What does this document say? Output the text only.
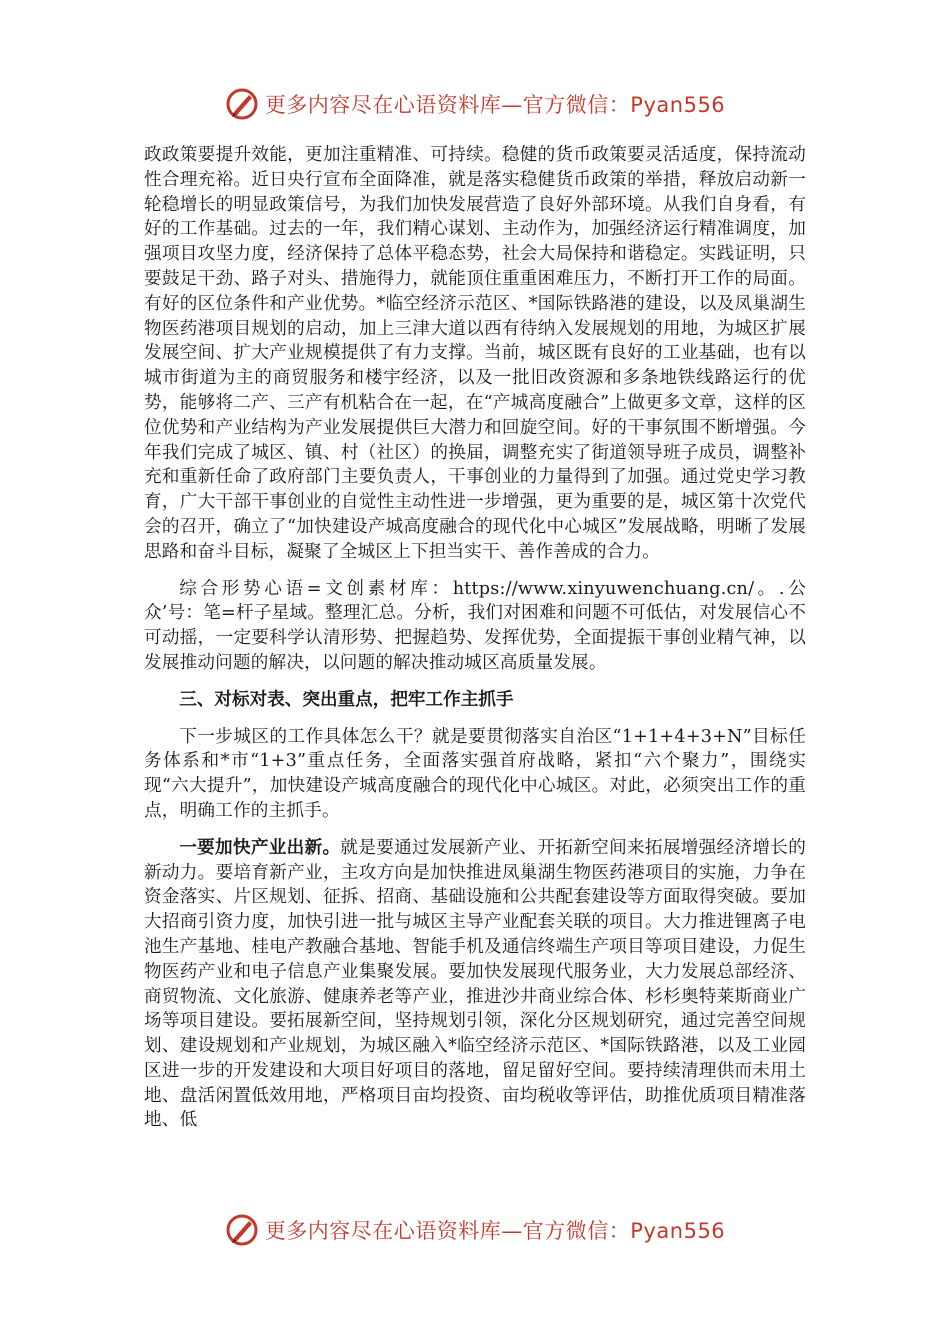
更多内容尽在心语资料库—官方微信：Pyan556

政政策要提升效能，更加注重精准、可持续。稳健的货币政策要灵活适度，保持流动性合理充裕。近日央行宣布全面降准，就是落实稳健货币政策的举措，释放启动新一轮稳增长的明显政策信号，为我们加快发展营造了良好外部环境。从我们自身看，有好的工作基础。过去的一年，我们精心谋划、主动作为，加强经济运行精准调度，加强项目攻坚力度，经济保持了总体平稳态势，社会大局保持和谐稳定。实践证明，只要鼓足干劲、路子对头、措施得力，就能顶住重重困难压力，不断打开工作的局面。有好的区位条件和产业优势。*临空经济示范区、*国际铁路港的建设，以及凤巢湖生物医药港项目规划的启动，加上三津大道以西有待纳入发展规划的用地，为城区扩展发展空间、扩大产业规模提供了有力支撑。当前，城区既有良好的工业基础，也有以城市街道为主的商贸服务和楼宇经济，以及一批旧改资源和多条地铁线路运行的优势，能够将二产、三产有机粘合在一起，在“产城高度融合”上做更多文章，这样的区位优势和产业结构为产业发展提供巨大潜力和回旋空间。好的干事氛围不断增强。今年我们完成了城区、镇、村（社区）的换届，调整充实了街道领导班子成员，调整补充和重新任命了政府部门主要负责人，干事创业的力量得到了加强。通过党史学习教育，广大干部干事创业的自觉性主动性进一步增强，更为重要的是，城区第十次党代会的召开，确立了“加快建设产城高度融合的现代化中心城区”发展战略，明晰了发展思路和奋斗目标，凝聚了全城区上下担当实干、善作善成的合力。

综合形势心语=文创素材库：https://www.xinyuwenchuang.cn/。.公众’号：笔=杆子星域。整理汇总。分析，我们对困难和问题不可低估，对发展信心不可动摇，一定要科学认清形势、把握趋势、发挥优势，全面提振干事创业精气神，以发展推动问题的解决，以问题的解决推动城区高质量发展。

三、对标对表、突出重点，把牢工作主抓手

下一步城区的工作具体怎么干？就是要贯彻落实自治区“1+1+4+3+N”目标任务体系和*市“1+3”重点任务，全面落实强首府战略，紧扣“六个聚力”，围绕实现“六大提升”，加快建设产城高度融合的现代化中心城区。对此，必须突出工作的重点，明确工作的主抓手。

一要加快产业出新。就是要通过发展新产业、开拓新空间来拓展增强经济增长的新动力。要培育新产业，主攻方向是加快推进凤巢湖生物医药港项目的实施，力争在资金落实、片区规划、征拆、招商、基础设施和公共配套建设等方面取得突破。要加大招商引资力度，加快引进一批与城区主导产业配套关联的项目。大力推进锂离子电池生产基地、桂电产教融合基地、智能手机及通信终端生产项目等项目建设，力促生物医药产业和电子信息产业集聚发展。要加快发展现代服务业，大力发展总部经济、商贸物流、文化旅游、健康养老等产业，推进沙井商业综合体、杉杉奥特莱斯商业广场等项目建设。要拓展新空间，坚持规划引领，深化分区规划研究，通过完善空间规划、建设规划和产业规划，为城区融入*临空经济示范区、*国际铁路港，以及工业园区进一步的开发建设和大项目好项目的落地，留足留好空间。要持续清理供而未用土地、盘活闲置低效用地，严格项目亩均投资、亩均税收等评估，助推优质项目精准落地、低

更多内容尽在心语资料库—官方微信：Pyan556
